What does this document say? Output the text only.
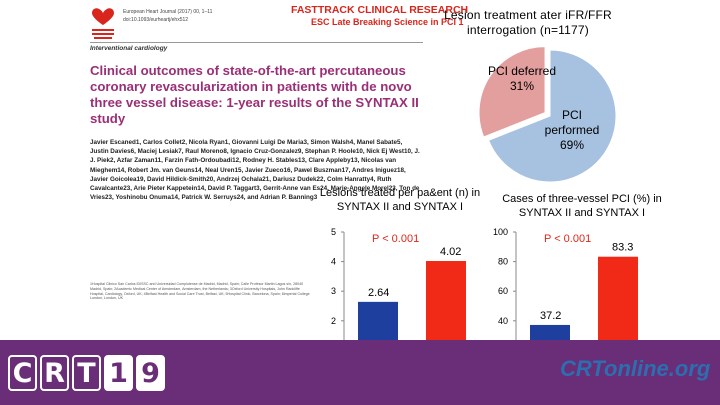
European Heart Journal (2017) 00, 1–11
doi:10.1093/eurheartj/ehx512
FASTTRACK CLINICAL RESEARCH
ESC Late Breaking Science in PCI 1
Interventional cardiology
Clinical outcomes of state-of-the-art percutaneous coronary revascularization in patients with de novo three vessel disease: 1-year results of the SYNTAX II study
Javier Escaned1, Carlos Collet2, Nicola Ryan1, Giovanni Luigi De Maria3, Simon Walsh4, Manel Sabate5, Justin Davies6, Maciej Lesiak7, Raul Moreno8, Ignacio Cruz-Gonzalez9, Stephan P. Hoole10, Nick Ej West10, J. J. Piek2, Azfar Zaman11, Farzin Fath-Ordoubadi12, Rodney H. Stables13, Clare Appleby13, Nicolas van Mieghem14, Robert Jm. van Geuns14, Neal Uren15, Javier Zueco16, Pawel Buszman17, Andres Iniguez18, Javier Goicolea19, David Hildick-Smith20, Andrzej Ochala21, Dariusz Dudek22, Colm Hanratty4, Ruth Cavalcante23, Arie Pieter Kappetein14, David P. Taggart3, Gerrit-Anne van Es24, Marie-Angele Morel23, Ton de Vries23, Yoshinobu Onuma14, Patrick W. Serruys24, and Adrian P. Banning3
1Hospital Clinico San Carlos IDISSC and Universidad Complutense de Madrid, Madrid, Spain; Calle Profesor Martin Lagos s/n, 28040 Madrid, Spain; 2Academic Medical Center of Amsterdam, Amsterdam, the Netherlands; 3Oxford University Hospitals, John Radcliffe Hospital, Cardiology, Oxford, UK; 4Belfast Health and Social Care Trust, Belfast, UK; 5Hospital Clinic, Barcelona, Spain; 6Imperial College London, London, UK
Lesion treatment ater iFR/FFR interrogation (n=1177)
PCI deferred
31%
PCI performed
69%
Lesions treated per pa&ent (n) in SYNTAX II and SYNTAX I
2
3
4
5
2.64
4.02
P < 0.001
Cases of three-vessel PCI (%) in SYNTAX II and SYNTAX I
40
60
80
100
37.2
83.3
P < 0.001
CRTonline.org
C R T 1 9
